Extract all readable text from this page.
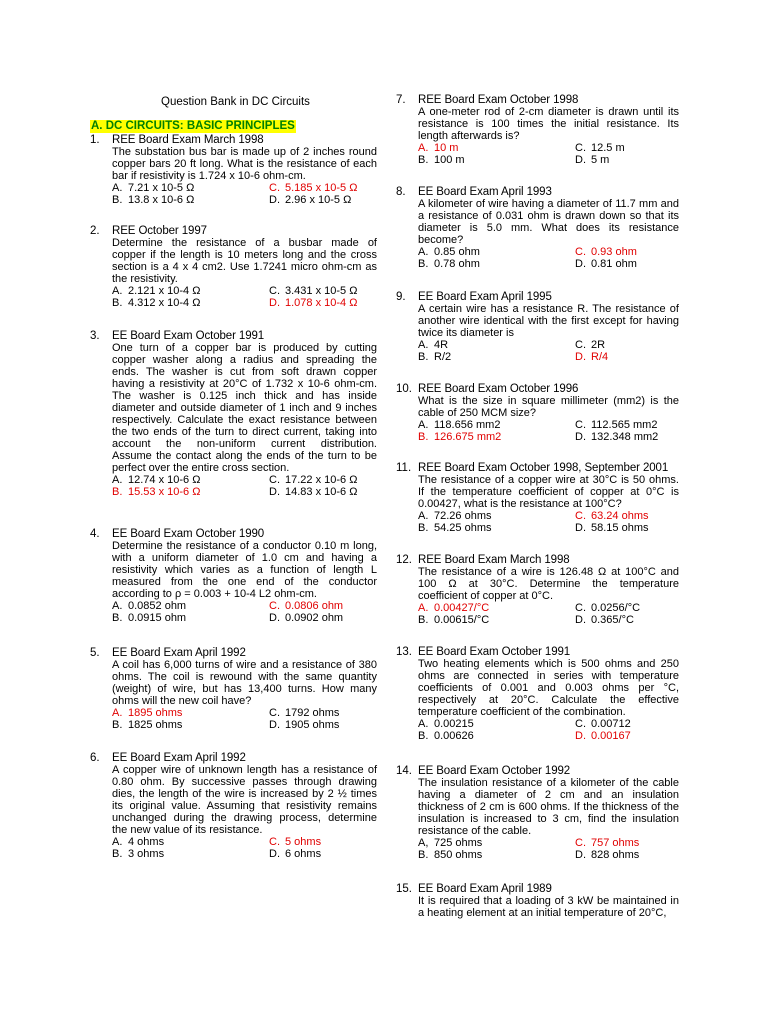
Question Bank in DC Circuits
A. DC CIRCUITS: BASIC PRINCIPLES
1. REE Board Exam March 1998
The substation bus bar is made up of 2 inches round
copper bars 20 ft long. What is the resistance of each
bar if resistivity is 1.724 x 10-6 ohm-cm.
A. 7.21 x 10-5 Ω	C. 5.185 x 10-5 Ω
B. 13.8 x 10-6 Ω	D. 2.96 x 10-5 Ω
2. REE October 1997
Determine the resistance of a busbar made of
copper if the length is 10 meters long and the cross
section is a 4 x 4 cm2. Use 1.7241 micro ohm-cm as
the resistivity.
A. 2.121 x 10-4 Ω	C. 3.431 x 10-5 Ω
B. 4.312 x 10-4 Ω	D. 1.078 x 10-4 Ω
3. EE Board Exam October 1991
One turn of a copper bar is produced by cutting
copper washer along a radius and spreading the
ends. The washer is cut from soft drawn copper
having a resistivity at 20°C of 1.732 x 10-6 ohm-cm.
The washer is 0.125 inch thick and has inside
diameter and outside diameter of 1 inch and 9 inches
respectively. Calculate the exact resistance between
the two ends of the turn to direct current, taking into
account the non-uniform current distribution.
Assume the contact along the ends of the turn to be
perfect over the entire cross section.
A. 12.74 x 10-6 Ω	C. 17.22 x 10-6 Ω
B. 15.53 x 10-6 Ω	D. 14.83 x 10-6 Ω
4. EE Board Exam October 1990
Determine the resistance of a conductor 0.10 m long,
with a uniform diameter of 1.0 cm and having a
resistivity which varies as a function of length L
measured from the one end of the conductor
according to ρ = 0.003 + 10-4 L2 ohm-cm.
A. 0.0852 ohm	C. 0.0806 ohm
B. 0.0915 ohm	D. 0.0902 ohm
5. EE Board Exam April 1992
A coil has 6,000 turns of wire and a resistance of 380
ohms. The coil is rewound with the same quantity
(weight) of wire, but has 13,400 turns. How many
ohms will the new coil have?
A. 1895 ohms	C. 1792 ohms
B. 1825 ohms	D. 1905 ohms
6. EE Board Exam April 1992
A copper wire of unknown length has a resistance of
0.80 ohm. By successive passes through drawing
dies, the length of the wire is increased by 2 ½ times
its original value. Assuming that resistivity remains
unchanged during the drawing process, determine
the new value of its resistance.
A. 4 ohms	C. 5 ohms
B. 3 ohms	D. 6 ohms
7. REE Board Exam October 1998
A one-meter rod of 2-cm diameter is drawn until its
resistance is 100 times the initial resistance. Its
length afterwards is?
A. 10 m	C. 12.5 m
B. 100 m	D. 5 m
8. EE Board Exam April 1993
A kilometer of wire having a diameter of 11.7 mm and
a resistance of 0.031 ohm is drawn down so that its
diameter is 5.0 mm. What does its resistance
become?
A. 0.85 ohm	C. 0.93 ohm
B. 0.78 ohm	D. 0.81 ohm
9. EE Board Exam April 1995
A certain wire has a resistance R. The resistance of
another wire identical with the first except for having
twice its diameter is
A. 4R	C. 2R
B. R/2	D. R/4
10. REE Board Exam October 1996
What is the size in square millimeter (mm2) is the
cable of 250 MCM size?
A. 118.656 mm2	C. 112.565 mm2
B. 126.675 mm2	D. 132.348 mm2
11. REE Board Exam October 1998, September 2001
The resistance of a copper wire at 30°C is 50 ohms.
If the temperature coefficient of copper at 0°C is
0.00427, what is the resistance at 100°C?
A. 72.26 ohms	C. 63.24 ohms
B. 54.25 ohms	D. 58.15 ohms
12. REE Board Exam March 1998
The resistance of a wire is 126.48 Ω at 100°C and
100 Ω at 30°C. Determine the temperature
coefficient of copper at 0°C.
A. 0.00427/°C	C. 0.0256/°C
B. 0.00615/°C	D. 0.365/°C
13. EE Board Exam October 1991
Two heating elements which is 500 ohms and 250
ohms are connected in series with temperature
coefficients of 0.001 and 0.003 ohms per °C,
respectively at 20°C. Calculate the effective
temperature coefficient of the combination.
A. 0.00215	C. 0.00712
B. 0.00626	D. 0.00167
14. EE Board Exam October 1992
The insulation resistance of a kilometer of the cable
having a diameter of 2 cm and an insulation
thickness of 2 cm is 600 ohms. If the thickness of the
insulation is increased to 3 cm, find the insulation
resistance of the cable.
A, 725 ohms	C. 757 ohms
B. 850 ohms	D. 828 ohms
15. EE Board Exam April 1989
It is required that a loading of 3 kW be maintained in
a heating element at an initial temperature of 20°C,
